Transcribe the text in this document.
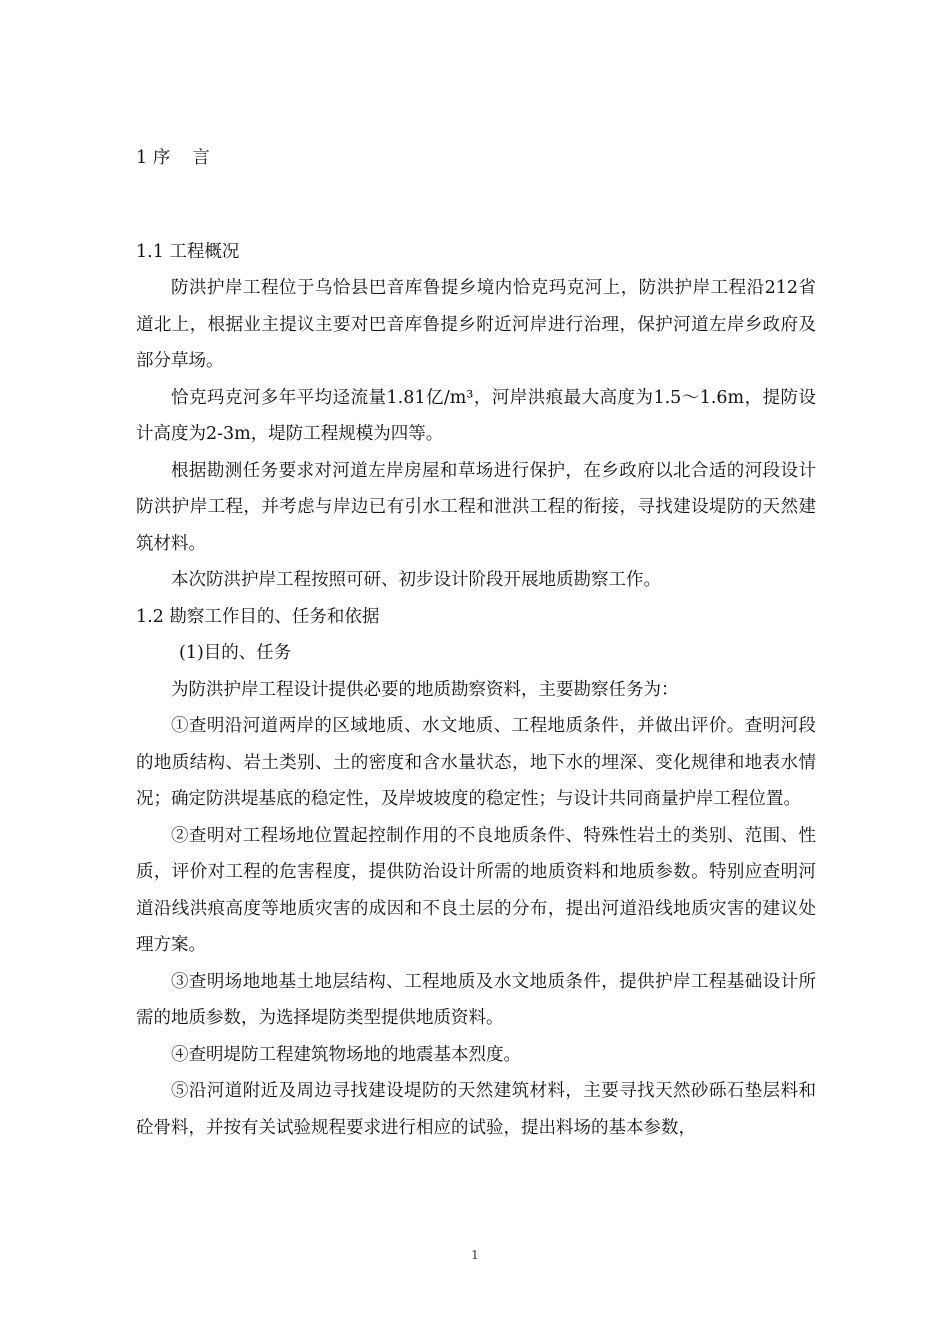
1 序 言
1.1 工程概况

防洪护岸工程位于乌恰县巴音库鲁提乡境内恰克玛克河上，防洪护岸工程沿212省道北上，根据业主提议主要对巴音库鲁提乡附近河岸进行治理，保护河道左岸乡政府及部分草场。

恰克玛克河多年平均迳流量1.81亿/m³，河岸洪痕最大高度为1.5～1.6m，提防设计高度为2-3m，堤防工程规模为四等。

根据勘测任务要求对河道左岸房屋和草场进行保护，在乡政府以北合适的河段设计防洪护岸工程，并考虑与岸边已有引水工程和泄洪工程的衔接，寻找建设堤防的天然建筑材料。

本次防洪护岸工程按照可研、初步设计阶段开展地质勘察工作。

1.2 勘察工作目的、任务和依据
(1)目的、任务

为防洪护岸工程设计提供必要的地质勘察资料，主要勘察任务为：

①查明沿河道两岸的区域地质、水文地质、工程地质条件，并做出评价。查明河段的地质结构、岩土类别、土的密度和含水量状态，地下水的埋深、变化规律和地表水情况；确定防洪堤基底的稳定性，及岸坡坡度的稳定性；与设计共同商量护岸工程位置。

②查明对工程场地位置起控制作用的不良地质条件、特殊性岩土的类别、范围、性质，评价对工程的危害程度，提供防治设计所需的地质资料和地质参数。特别应查明河道沿线洪痕高度等地质灾害的成因和不良土层的分布，提出河道沿线地质灾害的建议处理方案。

③查明场地地基土地层结构、工程地质及水文地质条件，提供护岸工程基础设计所需的地质参数，为选择堤防类型提供地质资料。

④查明堤防工程建筑物场地的地震基本烈度。

⑤沿河道附近及周边寻找建设堤防的天然建筑材料，主要寻找天然砂砾石垫层料和砼骨料，并按有关试验规程要求进行相应的试验，提出料场的基本参数，

1
